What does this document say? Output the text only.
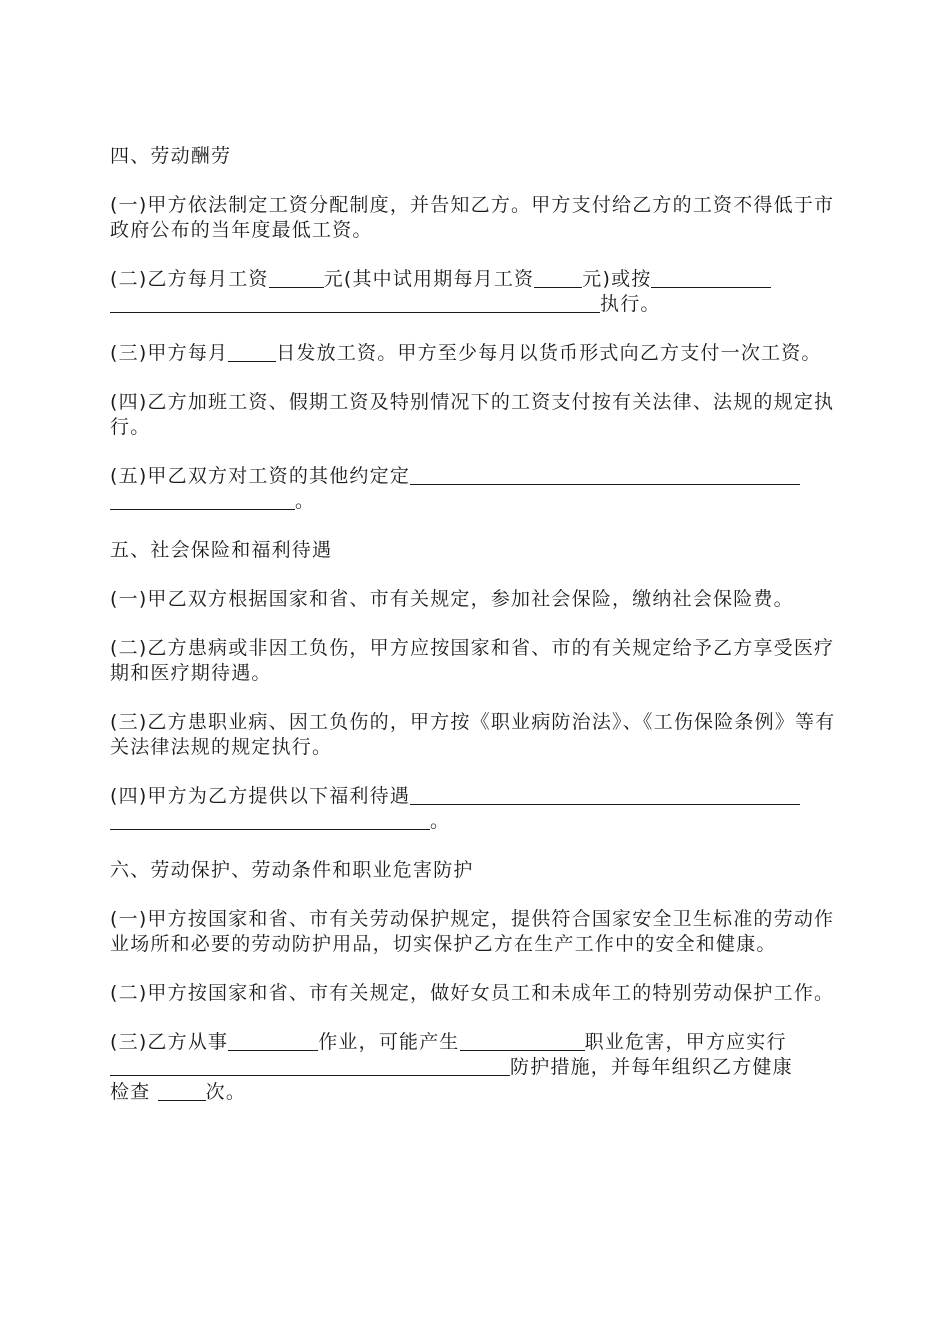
四、劳动酬劳

(一)甲方依法制定工资分配制度，并告知乙方。甲方支付给乙方的工资不得低于市政府公布的当年度最低工资。

(二)乙方每月工资	元(其中试用期每月工资	元)或按
执行。

(三)甲方每月	日发放工资。甲方至少每月以货币形式向乙方支付一次工资。

(四)乙方加班工资、假期工资及特别情况下的工资支付按有关法律、法规的规定执行。

(五)甲乙双方对工资的其他约定定
。

五、社会保险和福利待遇

(一)甲乙双方根据国家和省、市有关规定，参加社会保险，缴纳社会保险费。

(二)乙方患病或非因工负伤，甲方应按国家和省、市的有关规定给予乙方享受医疗期和医疗期待遇。

(三)乙方患职业病、因工负伤的，甲方按《职业病防治法》、《工伤保险条例》等有关法律法规的规定执行。

(四)甲方为乙方提供以下福利待遇
。

六、劳动保护、劳动条件和职业危害防护

(一)甲方按国家和省、市有关劳动保护规定，提供符合国家安全卫生标准的劳动作业场所和必要的劳动防护用品，切实保护乙方在生产工作中的安全和健康。

(二)甲方按国家和省、市有关规定，做好女员工和未成年工的特别劳动保护工作。

(三)乙方从事	作业，可能产生	职业危害，甲方应实行
防护措施，并每年组织乙方健康
检查	次。
